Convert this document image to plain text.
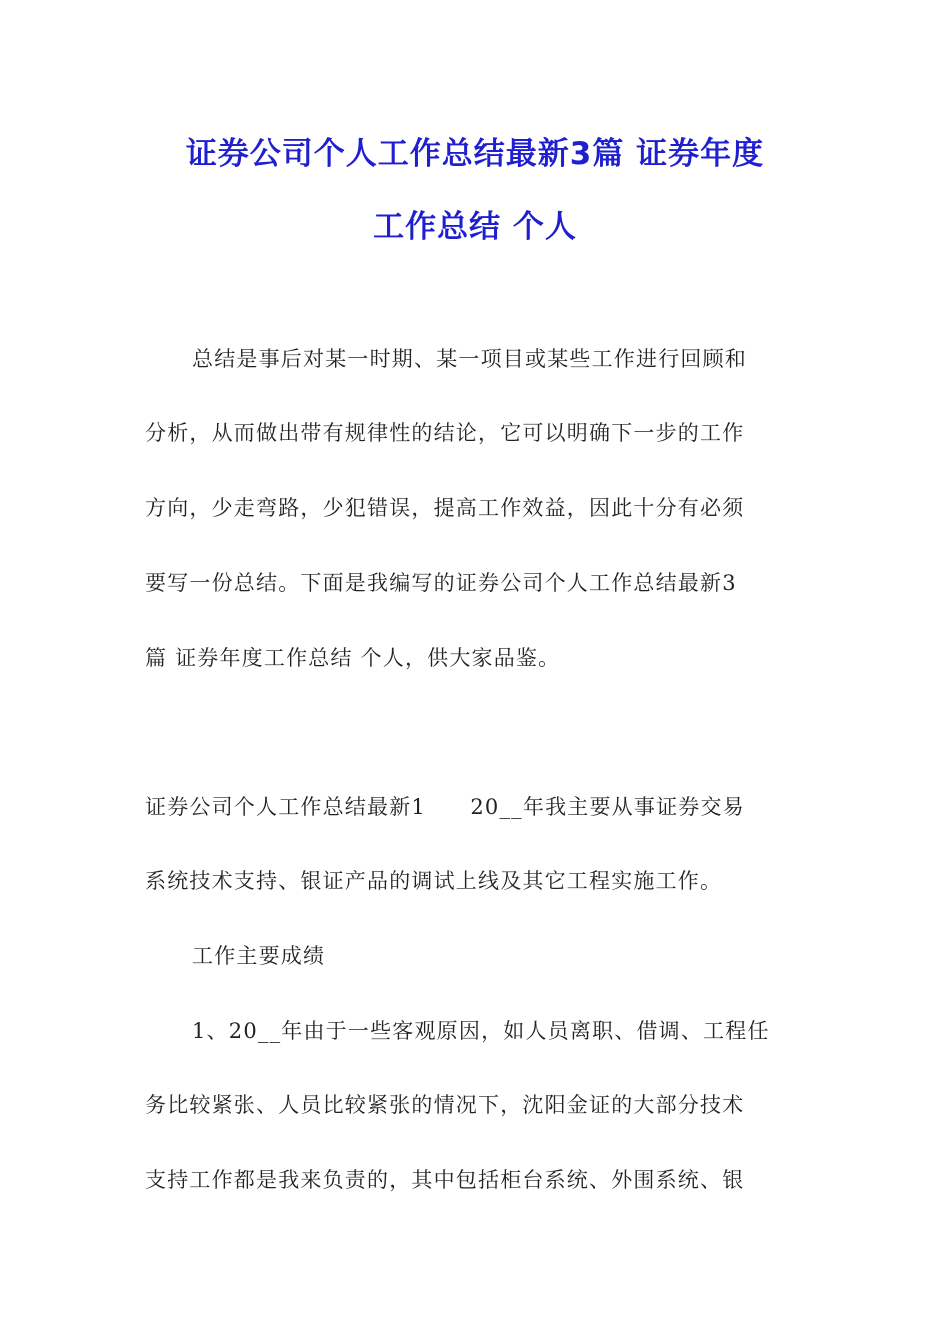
证券公司个人工作总结最新3篇 证券年度
工作总结 个人
总结是事后对某一时期、某一项目或某些工作进行回顾和
分析，从而做出带有规律性的结论，它可以明确下一步的工作
方向，少走弯路，少犯错误，提高工作效益，因此十分有必须
要写一份总结。下面是我编写的证券公司个人工作总结最新3
篇 证券年度工作总结 个人，供大家品鉴。
证券公司个人工作总结最新1　　20__年我主要从事证券交易
系统技术支持、银证产品的调试上线及其它工程实施工作。
工作主要成绩
1、20__年由于一些客观原因，如人员离职、借调、工程任
务比较紧张、人员比较紧张的情况下，沈阳金证的大部分技术
支持工作都是我来负责的，其中包括柜台系统、外围系统、银
